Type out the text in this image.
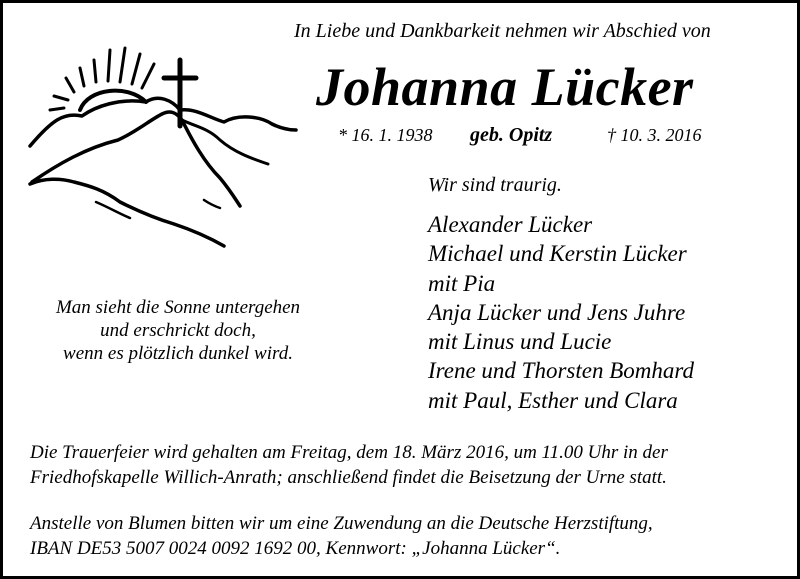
In Liebe und Dankbarkeit nehmen wir Abschied von
Johanna Lücker
* 16. 1. 1938 geb. Opitz	† 10. 3. 2016
Wir sind traurig.
Alexander Lücker
Michael und Kerstin Lücker
mit Pia
Anja Lücker und Jens Juhre
mit Linus und Lucie
Irene und Thorsten Bomhard
mit Paul, Esther und Clara
Man sieht die Sonne untergehen
und erschrickt doch,
wenn es plötzlich dunkel wird.
Die Trauerfeier wird gehalten am Freitag, dem 18. März 2016, um 11.00 Uhr in der
Friedhofskapelle Willich-Anrath; anschließend findet die Beisetzung der Urne statt.
Anstelle von Blumen bitten wir um eine Zuwendung an die Deutsche Herzstiftung,
IBAN DE53 5007 0024 0092 1692 00, Kennwort: „Johanna Lücker“.
